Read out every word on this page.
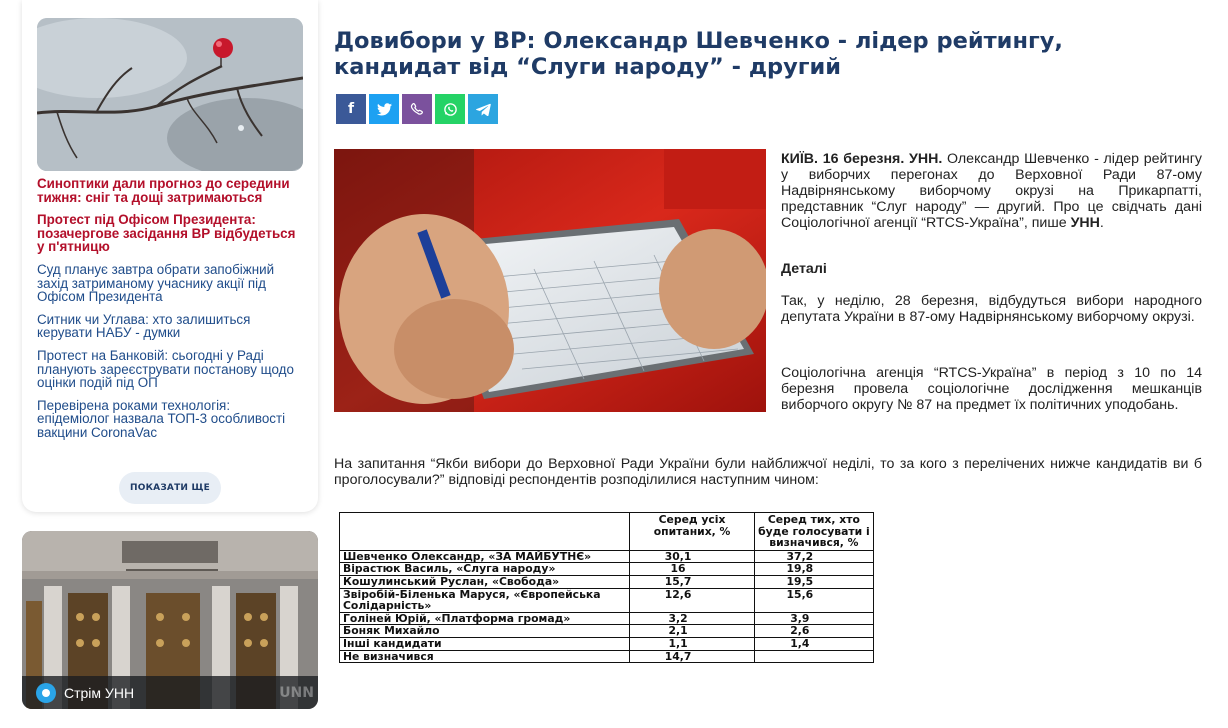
Синоптики дали прогноз до середини тижня: сніг та дощі затримаються
Протест під Офісом Президента: позачергове засідання ВР відбудеться у п'ятницю
Суд планує завтра обрати запобіжний захід затриманому учаснику акції під Офісом Президента
Ситник чи Углава: хто залишиться керувати НАБУ - думки
Протест на Банковій: сьогодні у Раді планують зареєструвати постанову щодо оцінки подій під ОП
Перевірена роками технологія: епідеміолог назвала ТОП-3 особливості вакцини CoronaVac
ПОКАЗАТИ ЩЕ
Стрім УНН	UNN
Довибори у ВР: Олександр Шевченко - лідер рейтингу, кандидат від “Слуги народу” - другий
f

КИЇВ. 16 березня. УНН. Олександр Шевченко - лідер рейтингу у виборчих перегонах до Верховної Ради 87-ому Надвірнянському виборчому окрузі на Прикарпатті, представник “Слуг народу” — другий. Про це свідчать дані Соціологічної агенції “RTCS-Україна”, пише УНН.

Деталі

Так, у неділю, 28 березня, відбудуться вибори народного депутата України в 87-ому Надвірнянському виборчому окрузі.

Соціологічна агенція “RTCS-Україна” в період з 10 по 14 березня провела соціологічне дослідження мешканців виборчого округу № 87 на предмет їх політичних уподобань.

На запитання “Якби вибори до Верховної Ради України були найближчої неділі, то за кого з перелічених нижче кандидатів ви б проголосували?” відповіді респондентів розподілилися наступним чином:

	Серед усіх опитаних, %	Серед тих, хто буде голосувати і визначився, %
Шевченко Олександр, «ЗА МАЙБУТНЄ»	30,1	37,2
Вірастюк Василь, «Слуга народу»	16	19,8
Кошулинський Руслан, «Свобода»	15,7	19,5
Звіробій-Біленька Маруся, «Європейська Солідарність»	12,6	15,6
Голіней Юрій, «Платформа громад»	3,2	3,9
Боняк Михайло	2,1	2,6
Інші кандидати	1,1	1,4
Не визначився	14,7	
